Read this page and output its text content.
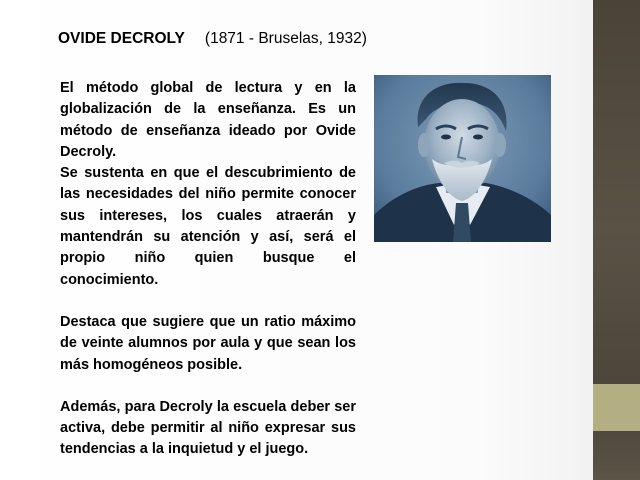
OVIDE DECROLY (1871 - Bruselas, 1932)

El método global de lectura y en la globalización de la enseñanza. Es un método de enseñanza ideado por Ovide Decroly.

Se sustenta en que el descubrimiento de las necesidades del niño permite conocer sus intereses, los cuales atraerán y mantendrán su atención y así, será el propio niño quien busque el conocimiento.

Destaca que sugiere que un ratio máximo de veinte alumnos por aula y que sean los más homogéneos posible.

Además, para Decroly la escuela deber ser activa, debe permitir al niño expresar sus tendencias a la inquietud y el juego.
